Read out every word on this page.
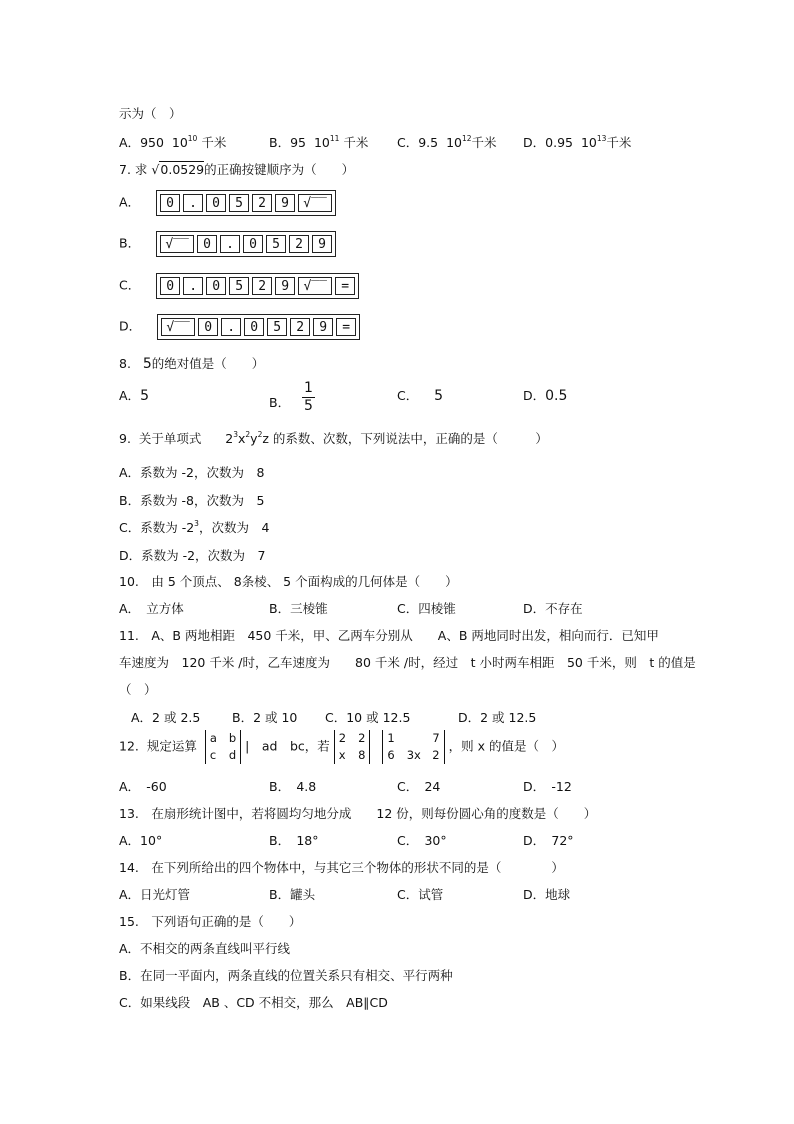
示为（　）
A．950 $10^{10}$ 千米	B．95 $10^{11}$ 千米 C．9.5 $10^{12}$千米 D．0.95 $10^{13}$千米
7. 求 √0.0529的正确按键顺序为（　　）
A．	0	.	0	5	2	9	√‾‾
B．	√‾‾	0	.	0	5	2	9
C．	0	.	0	5	2	9	√‾‾	=
D．	√‾‾	0	.	0	5	2	9	=
8. 5的绝对值是（　　）
A．5	B． $\frac{1}{5}$	C． 5	D．0.5
9. 关于单项式 $2^3x^2y^2z$ 的系数、次数，下列说法中，正确的是（　　　）
A．系数为 -2，次数为　8
B．系数为 -8，次数为　5
C．系数为 $-2^3$，次数为　4
D．系数为 -2，次数为　7
10.　由 5 个顶点、 8条棱、 5 个面构成的几何体是（　　）
A．　立方体	B．三棱锥	C．四棱锥	D．不存在
11.　A、B 两地相距　450 千米，甲、乙两车分别从　　A、B 两地同时出发，相向而行．已知甲
车速度为　120 千米 /时，乙车速度为　　80 千米 /时，经过　t 小时两车相距　50 千米，则　t 的值是
（　）
A．2 或 2.5	B．2 或 10 C．10 或 12.5	D．2 或 12.5
12. 规定运算
a b
c d
|　ad　bc，若
2 2
x 8

1	7
6 3x　2
，则 x 的值是（　）
A．　-60	B．　4.8	C．　24	D．　-12
13.　在扇形统计图中，若将圆均匀地分成　　12 份，则每份圆心角的度数是（　　）
A．10°	B．　18°	C．　30°	D．　72°
14.　在下列所给出的四个物体中，与其它三个物体的形状不同的是（　　　　）
A．日光灯管	B．罐头	C．试管	D．地球
15.　下列语句正确的是（　　）
A．不相交的两条直线叫平行线
B．在同一平面内，两条直线的位置关系只有相交、平行两种
C．如果线段　AB 、CD 不相交，那么　AB∥CD
